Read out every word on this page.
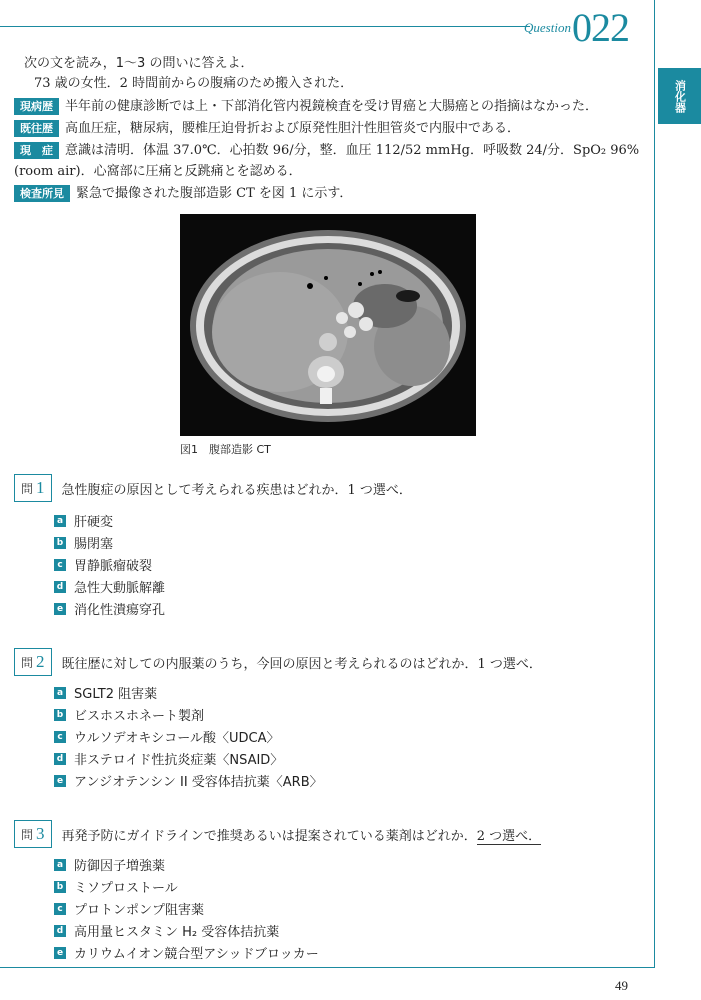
Question 022
消化器
次の文を読み，1〜3 の問いに答えよ．
73 歳の女性．2 時間前からの腹痛のため搬入された．
現病歴 半年前の健康診断では上・下部消化管内視鏡検査を受け胃癌と大腸癌との指摘はなかった．
既往歴 高血圧症，糖尿病，腰椎圧迫骨折および原発性胆汁性胆管炎で内服中である．
現　症 意識は清明．体温 37.0℃．心拍数 96/分，整．血圧 112/52 mmHg．呼吸数 24/分．SpO₂ 96%
(room air)．心窩部に圧痛と反跳痛とを認める．
検査所見 緊急で撮像された腹部造影 CT を図 1 に示す．
図1　腹部造影 CT
問 1 急性腹症の原因として考えられる疾患はどれか．1 つ選べ．
a 肝硬変
b 腸閉塞
c 胃静脈瘤破裂
d 急性大動脈解離
e 消化性潰瘍穿孔
問 2 既往歴に対しての内服薬のうち，今回の原因と考えられるのはどれか．1 つ選べ．
a SGLT2 阻害薬
b ビスホスホネート製剤
c ウルソデオキシコール酸〈UDCA〉
d 非ステロイド性抗炎症薬〈NSAID〉
e アンジオテンシン II 受容体拮抗薬〈ARB〉
問 3 再発予防にガイドラインで推奨あるいは提案されている薬剤はどれか．2 つ選べ．
a 防御因子増強薬
b ミソプロストール
c プロトンポンプ阻害薬
d 高用量ヒスタミン H₂ 受容体拮抗薬
e カリウムイオン競合型アシッドブロッカー
49
